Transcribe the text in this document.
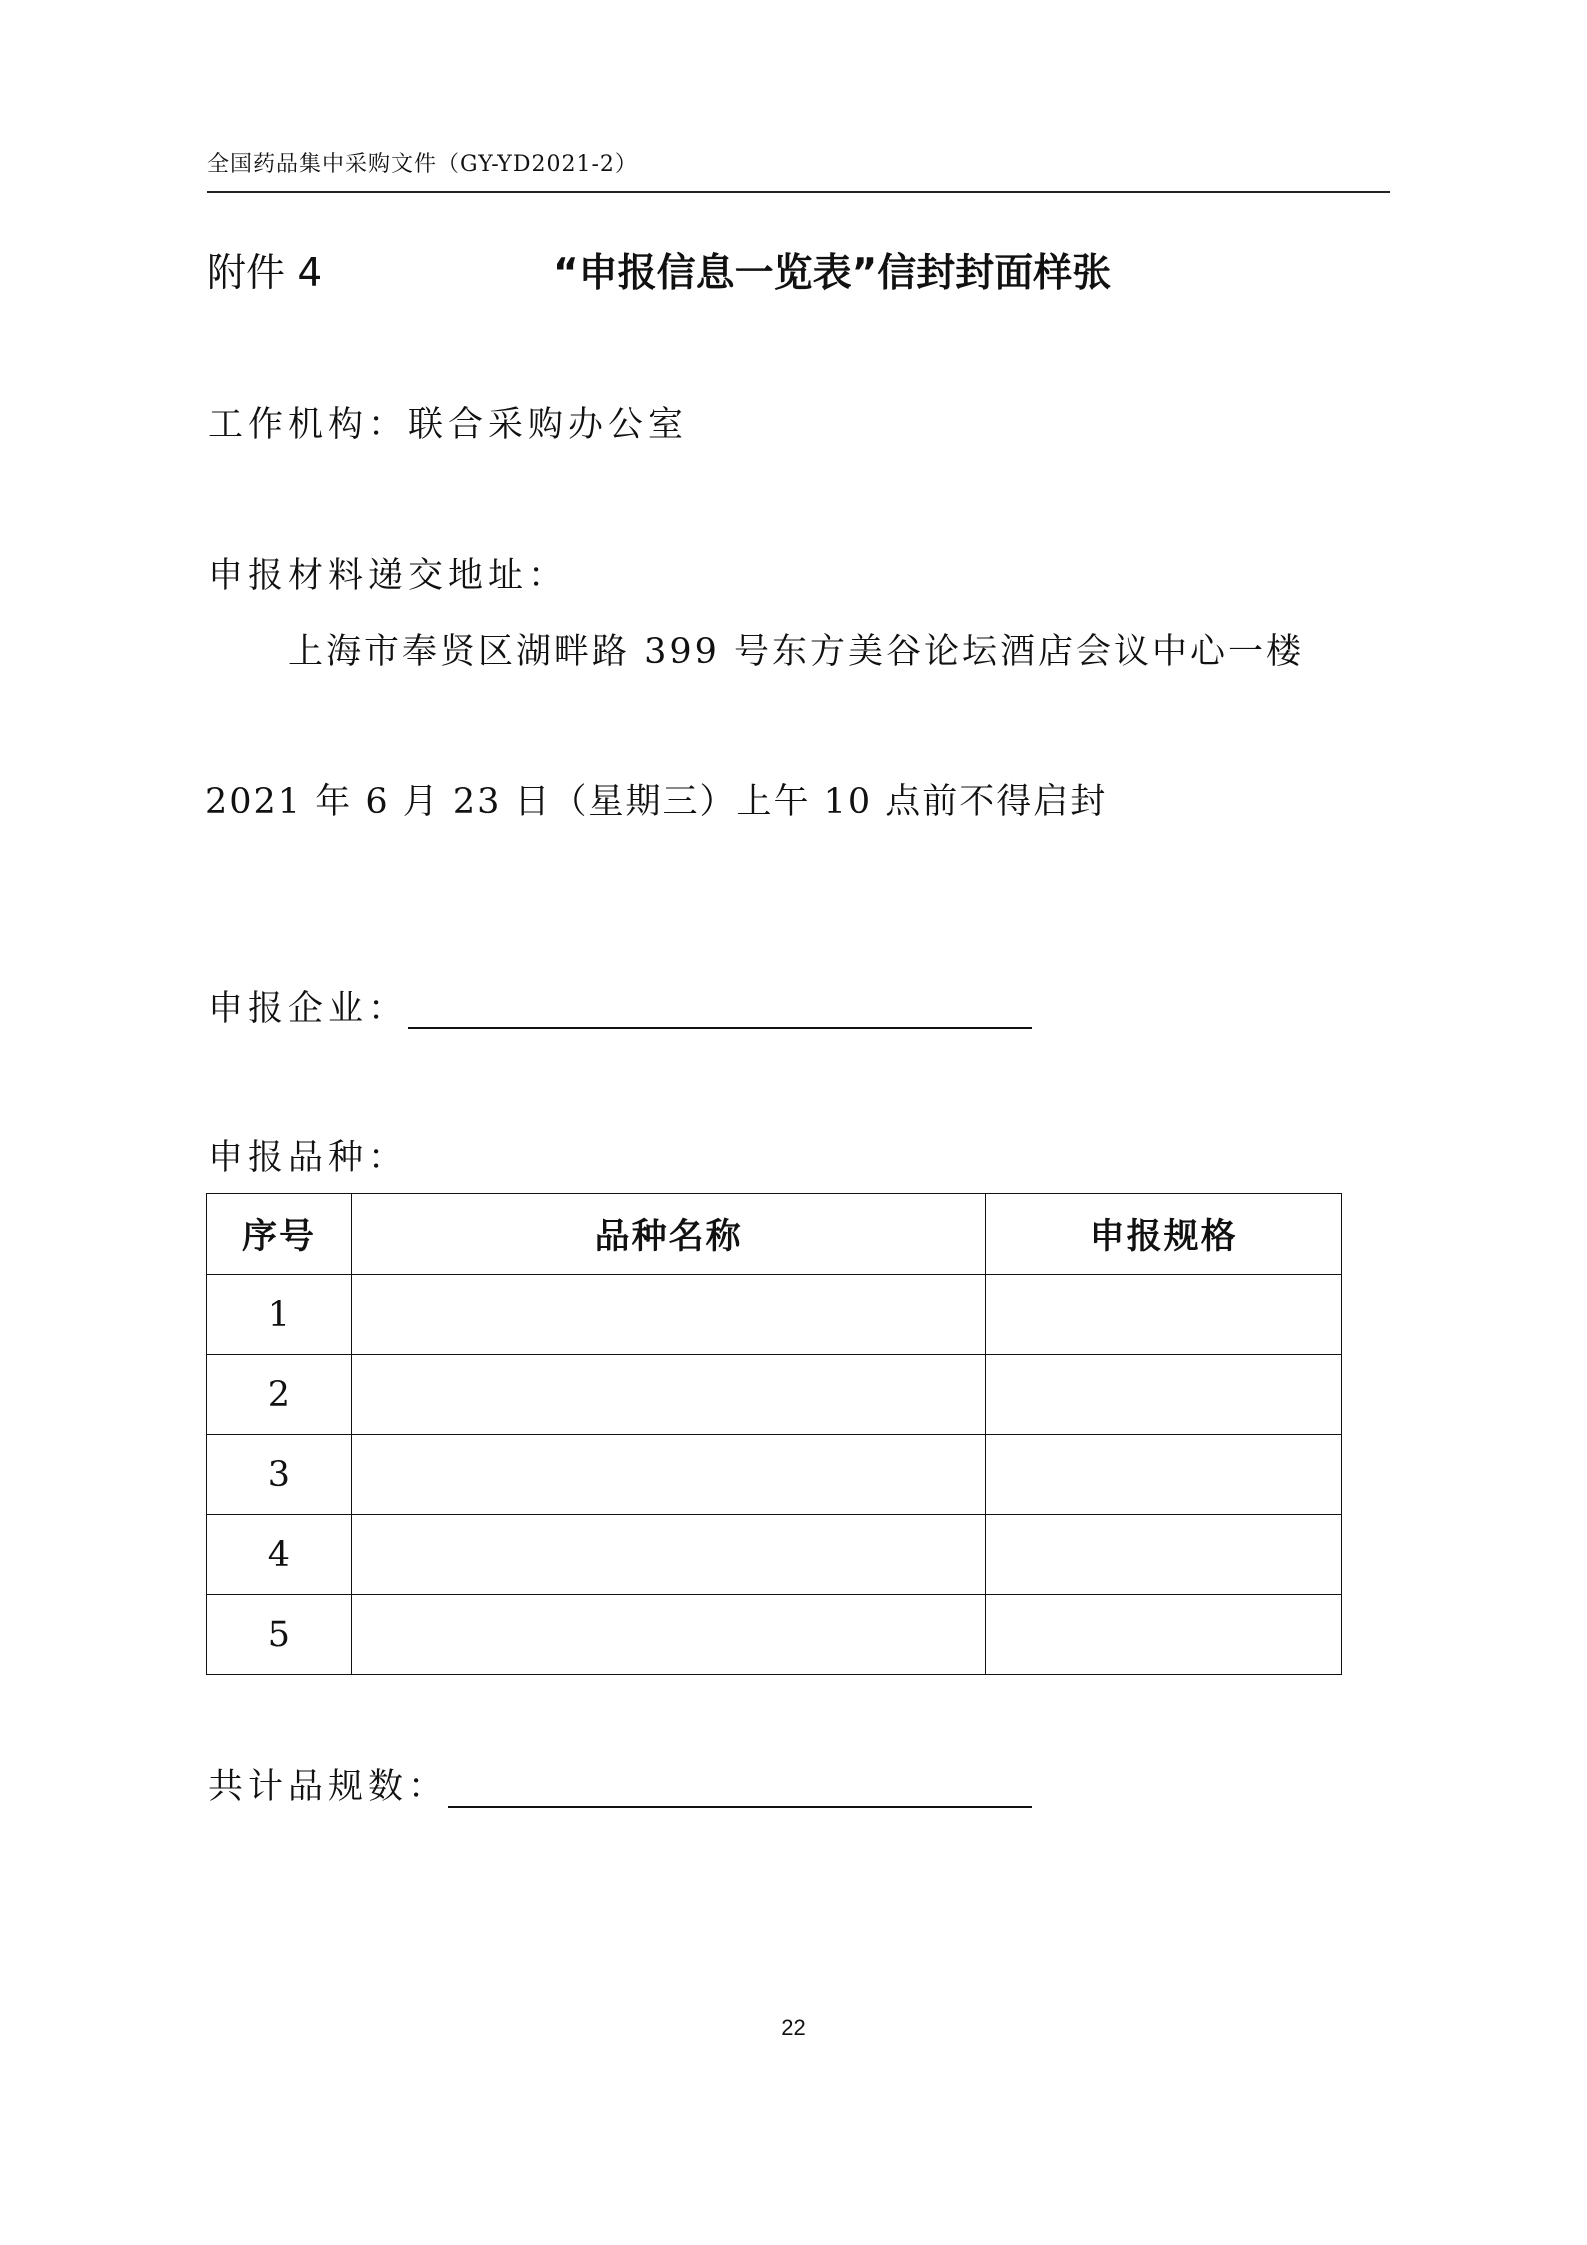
全国药品集中采购文件（GY-YD2021-2）
附件 4	“申报信息一览表”信封封面样张
工作机构：联合采购办公室
申报材料递交地址：
上海市奉贤区湖畔路 399 号东方美谷论坛酒店会议中心一楼
2021 年 6 月 23 日（星期三）上午 10 点前不得启封
申报企业：
申报品种：
序号	品种名称	申报规格
1		
2		
3		
4		
5		
共计品规数：
22
